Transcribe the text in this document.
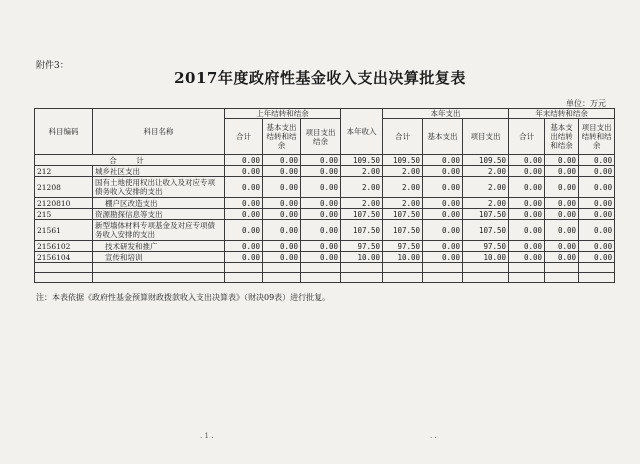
附件3：
2017年度政府性基金收入支出决算批复表
单位：万元
科目编码	科目名称	上年结转和结余			本年收入	本年支出			年末结转和结余		
		合计	基本支出结转和结余	项目支出结余		合计	基本支出	项目支出	合计	基本支出结转和结余	项目支出结转和结余
合　计		0.00	0.00	0.00	109.50	109.50	0.00	109.50	0.00	0.00	0.00
212	城乡社区支出	0.00	0.00	0.00	2.00	2.00	0.00	2.00	0.00	0.00	0.00
21208	国有土地使用权出让收入及对应专项债务收入安排的支出	0.00	0.00	0.00	2.00	2.00	0.00	2.00	0.00	0.00	0.00
2120810	棚户区改造支出	0.00	0.00	0.00	2.00	2.00	0.00	2.00	0.00	0.00	0.00
215	资源勘探信息等支出	0.00	0.00	0.00	107.50	107.50	0.00	107.50	0.00	0.00	0.00
21561	新型墙体材料专项基金及对应专项债务收入安排的支出	0.00	0.00	0.00	107.50	107.50	0.00	107.50	0.00	0.00	0.00
2156102	技术研发和推广	0.00	0.00	0.00	97.50	97.50	0.00	97.50	0.00	0.00	0.00
2156104	宣传和培训	0.00	0.00	0.00	10.00	10.00	0.00	10.00	0.00	0.00	0.00

注：本表依据《政府性基金预算财政拨款收入支出决算表》（财决09表）进行批复。
. 1 .	. .
